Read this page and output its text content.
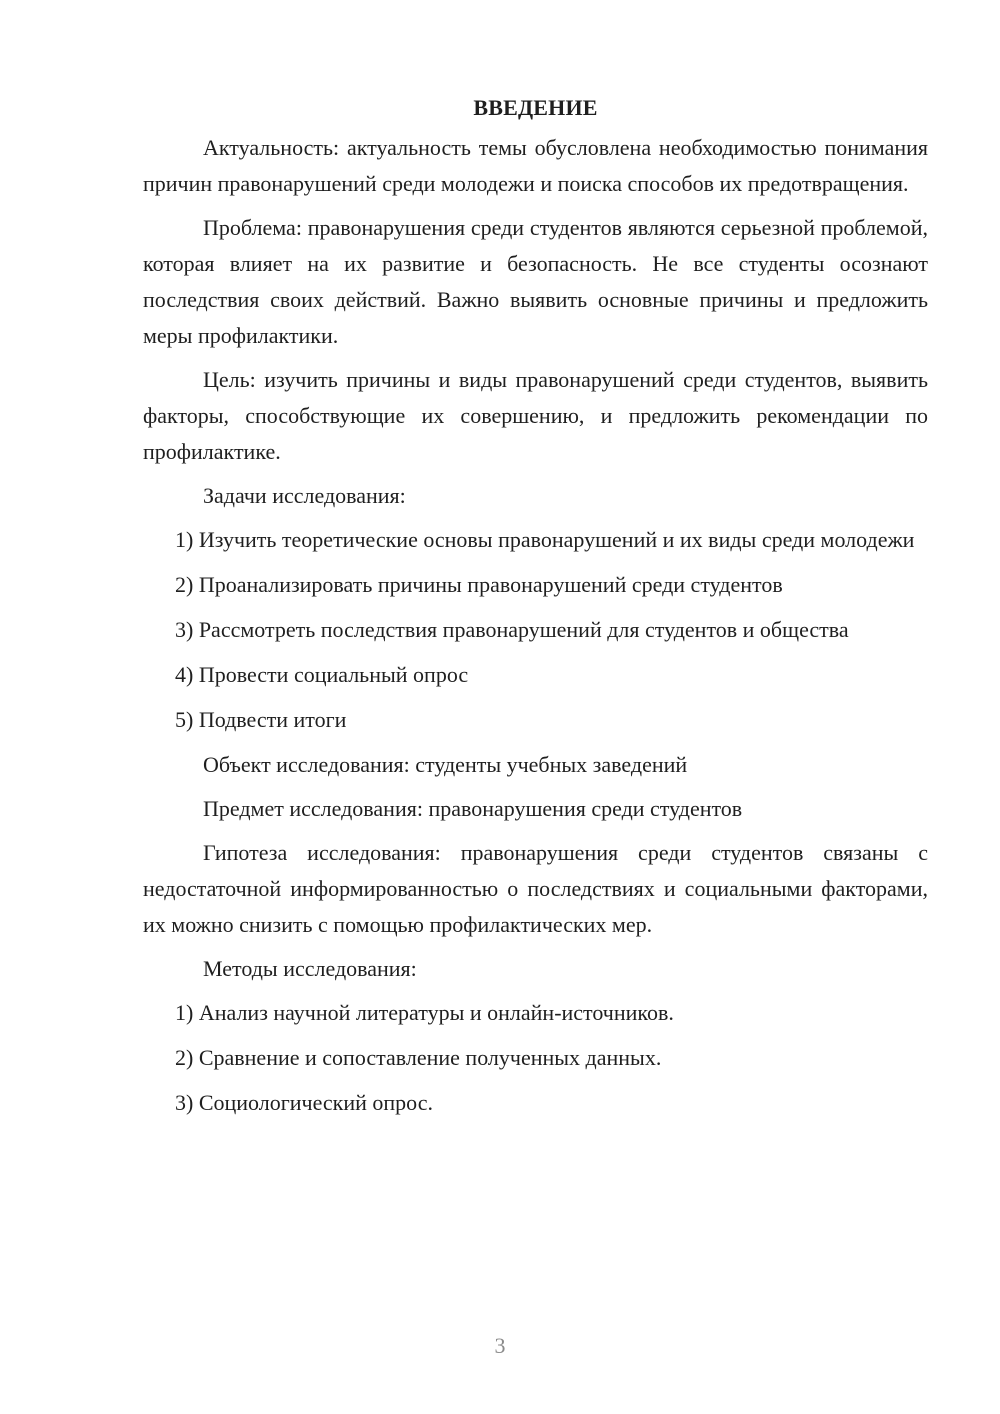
ВВЕДЕНИЕ

Актуальность: актуальность темы обусловлена необходимостью понимания причин правонарушений среди молодежи и поиска способов их предотвращения.

Проблема: правонарушения среди студентов являются серьезной проблемой, которая влияет на их развитие и безопасность. Не все студенты осознают последствия своих действий. Важно выявить основные причины и предложить меры профилактики.

Цель: изучить причины и виды правонарушений среди студентов, выявить факторы, способствующие их совершению, и предложить рекомендации по профилактике.

Задачи исследования:

1) Изучить теоретические основы правонарушений и их виды среди молодежи

2) Проанализировать причины правонарушений среди студентов

3) Рассмотреть последствия правонарушений для студентов и общества

4) Провести социальный опрос

5) Подвести итоги

Объект исследования: студенты учебных заведений

Предмет исследования: правонарушения среди студентов

Гипотеза исследования: правонарушения среди студентов связаны с недостаточной информированностью о последствиях и социальными факторами, их можно снизить с помощью профилактических мер.

Методы исследования:

1) Анализ научной литературы и онлайн-источников.

2) Сравнение и сопоставление полученных данных.

3) Социологический опрос.

3
